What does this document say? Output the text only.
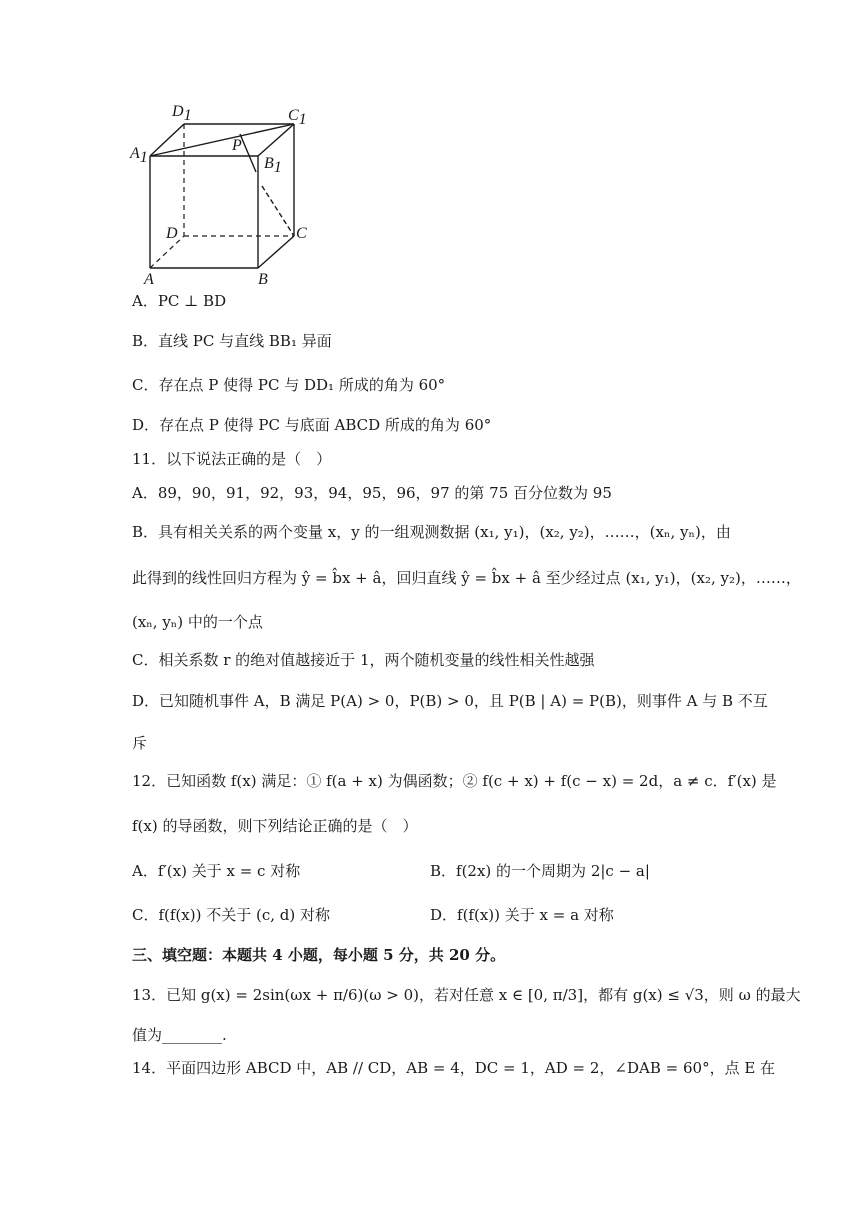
D1	C1
A1
P
B1
D	C
A	B
A．PC ⊥ BD
B．直线 PC 与直线 BB₁ 异面
C．存在点 P 使得 PC 与 DD₁ 所成的角为 60°
D．存在点 P 使得 PC 与底面 ABCD 所成的角为 60°
11．以下说法正确的是（　）
A．89，90，91，92，93，94，95，96，97 的第 75 百分位数为 95
B．具有相关关系的两个变量 x，y 的一组观测数据 (x₁, y₁)，(x₂, y₂)，……，(xₙ, yₙ)，由
此得到的线性回归方程为 ŷ = b̂x + â，回归直线 ŷ = b̂x + â 至少经过点 (x₁, y₁)，(x₂, y₂)，……，
(xₙ, yₙ) 中的一个点
C．相关系数 r 的绝对值越接近于 1，两个随机变量的线性相关性越强
D．已知随机事件 A，B 满足 P(A) > 0，P(B) > 0，且 P(B | A) = P(B)，则事件 A 与 B 不互
斥
12．已知函数 f(x) 满足：① f(a + x) 为偶函数；② f(c + x) + f(c − x) = 2d，a ≠ c．f′(x) 是
f(x) 的导函数，则下列结论正确的是（　）
A．f′(x) 关于 x = c 对称	B．f(2x) 的一个周期为 2|c − a|
C．f(f(x)) 不关于 (c, d) 对称	D．f(f(x)) 关于 x = a 对称
三、填空题：本题共 4 小题，每小题 5 分，共 20 分。
13．已知 g(x) = 2sin(ωx + π/6)(ω > 0)，若对任意 x ∈ [0, π/3]，都有 g(x) ≤ √3，则 ω 的最大
值为________.
14．平面四边形 ABCD 中，AB // CD，AB = 4，DC = 1，AD = 2，∠DAB = 60°，点 E 在
